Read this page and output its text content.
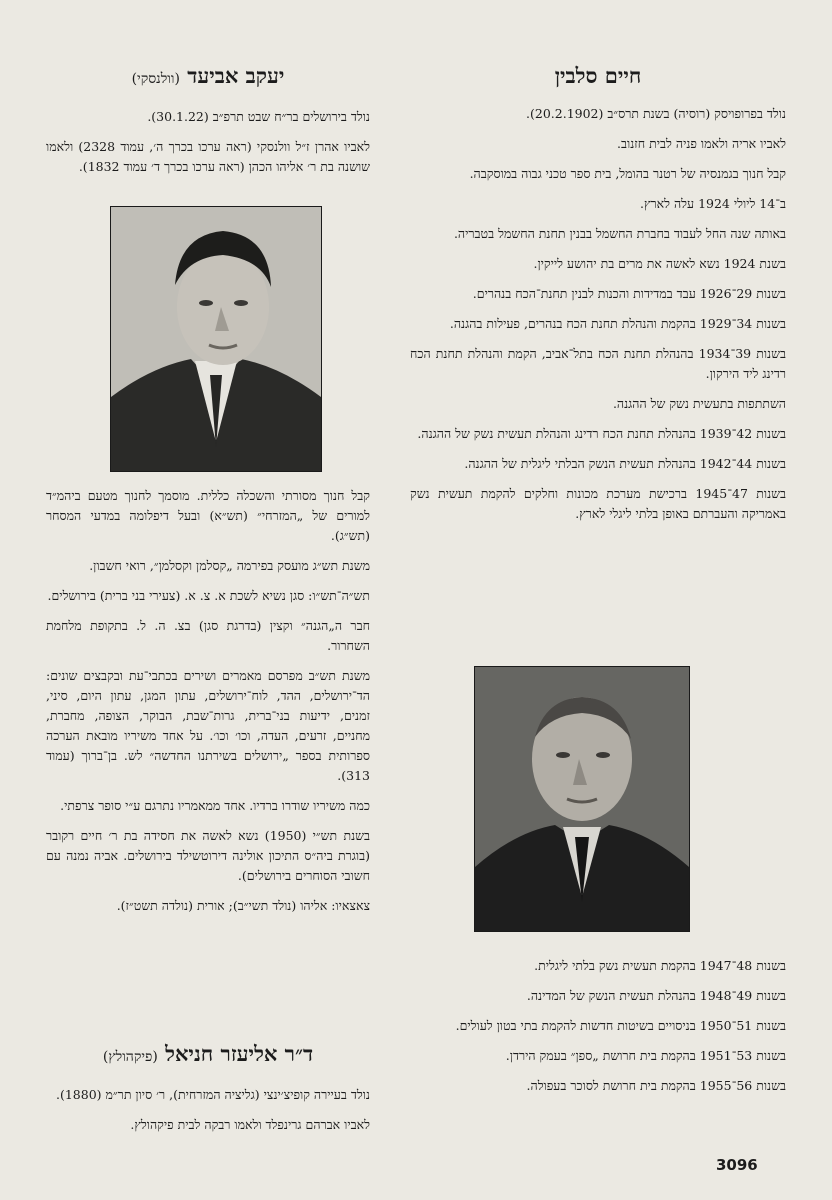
חיים סלבין

נולד בפרופויסק (רוסיה) בשנת תרס״ב (20.2.1902).

לאביו אריה ולאמו פניה לבית חזנוב.

קבל חנוך בגמנסיה של רטנר בהומל, בית ספר טכני גבוה במוסקבה.

ב־14 ליולי 1924 עלה לארץ.

באותה שנה החל לעבוד בחברת החשמל בבנין תחנת החשמל בטבריה.

בשנת 1924 נשא לאשה את מרים בת יהושע לייקין.

בשנות 29־1926 עבד במדידות והכנות לבנין תחנת־הכח בנהרים.

בשנות 34־1929 בהקמת והנהלת תחנת הכח בנהרים, פעילות בהגנה.

בשנות 39־1934 בהנהלת תחנת הכח בתל־אביב, הקמת והנהלת תחנת הכח רדינג ליד הירקון.

השתתפות בתעשית נשק של ההגנה.

בשנות 42־1939 בהנהלת תחנת הכח רדינג והנהלת תעשית נשק של ההגנה.

בשנות 44־1942 בהנהלת תעשית הנשק הבלתי ליגלית של ההגנה.

בשנות 47־1945 ברכישת מערכת מכונות וחלקים להקמת תעשית נשק באמריקה והעברתם באופן בלתי ליגלי לארץ.

בשנות 48־1947 בהקמת תעשית נשק בלתי ליגלית.

בשנות 49־1948 בהנהלת תעשית הנשק של המדינה.

בשנות 51־1950 בניסויים בשיטות חדשות להקמת בתי בטון לעולים.

בשנות 53־1951 בהקמת בית חרושת „ספן״ בעמק הירדן.

בשנות 56־1955 בהקמת בית חרושת לסוכר בעפולה.

יעקב אביעד (וולנסקי)

נולד בירושלים בר״ח שבט תרפ״ב (30.1.22).

לאביו אהרן ז״ל וולנסקי (ראה ערכו בכרך ה׳, עמוד 2328) ולאמו שושנה בת ר׳ אליהו הכהן (ראה ערכו בכרך ד׳ עמוד 1832).

קבל חנוך מסורתי והשכלה כללית. מוסמך לחנוך מטעם ביהמ״ד למורים של „המזרחי״ (תש״א) ובעל דיפלומה במדעי המסחר (תש״ג).

משנת תש״ג מועסק בפירמה „קסלמן וקסלמן״, רואי חשבון.

תש״ה־תש״ו: סגן נשיא לשכת א. צ. א. (צעירי בני ברית) בירושלים.

חבר ה„הגנה״ וקצין (בדרגת סגן) בצ. ה. ל. בתקופת מלחמת השחרור.

משנת תש״ב מפרסם מאמרים ושירים בכתבי־עת ובקבצים שונים: הד־ירושלים, ההד, לוח־ירושלים, עתון המגן, עתון היום, סיני, זמנים, ידיעות בני־ברית, גרות־שבת, הבוקר, הצופה, מחברת, מחניים, זרעים, העדה, וכו׳ וכו׳. על אחד משיריו מובאת הערכה ספרותית בספר „ירושלים בשירתנו החדשה״ לש. בן־ברוך (עמוד 313).

כמה משיריו שודרו ברדיו. אחד ממאמריו נתרגם ע״י סופר צרפתי.

בשנת תש״י (1950) נשא לאשה את חסידה בת ר׳ חיים רקובר (בוגרת ביה״ס התיכון אולינה דירוטשילד בירושלים. אביה נמנה עם חשובי הסוחרים בירושלים).

צאצאיו: אליהו (נולד תשי״ב); אורית (נולדה תשט״ז).

ד״ר אליעזר חניאל (פיקהולץ)

נולד בעיירה קופיצ׳ינצי (גליציה המזרחית), ר׳ סיון תר״מ (1880).

לאביו אברהם גרינפלד ולאמו רבקה לבית פיקהולץ.

3096
